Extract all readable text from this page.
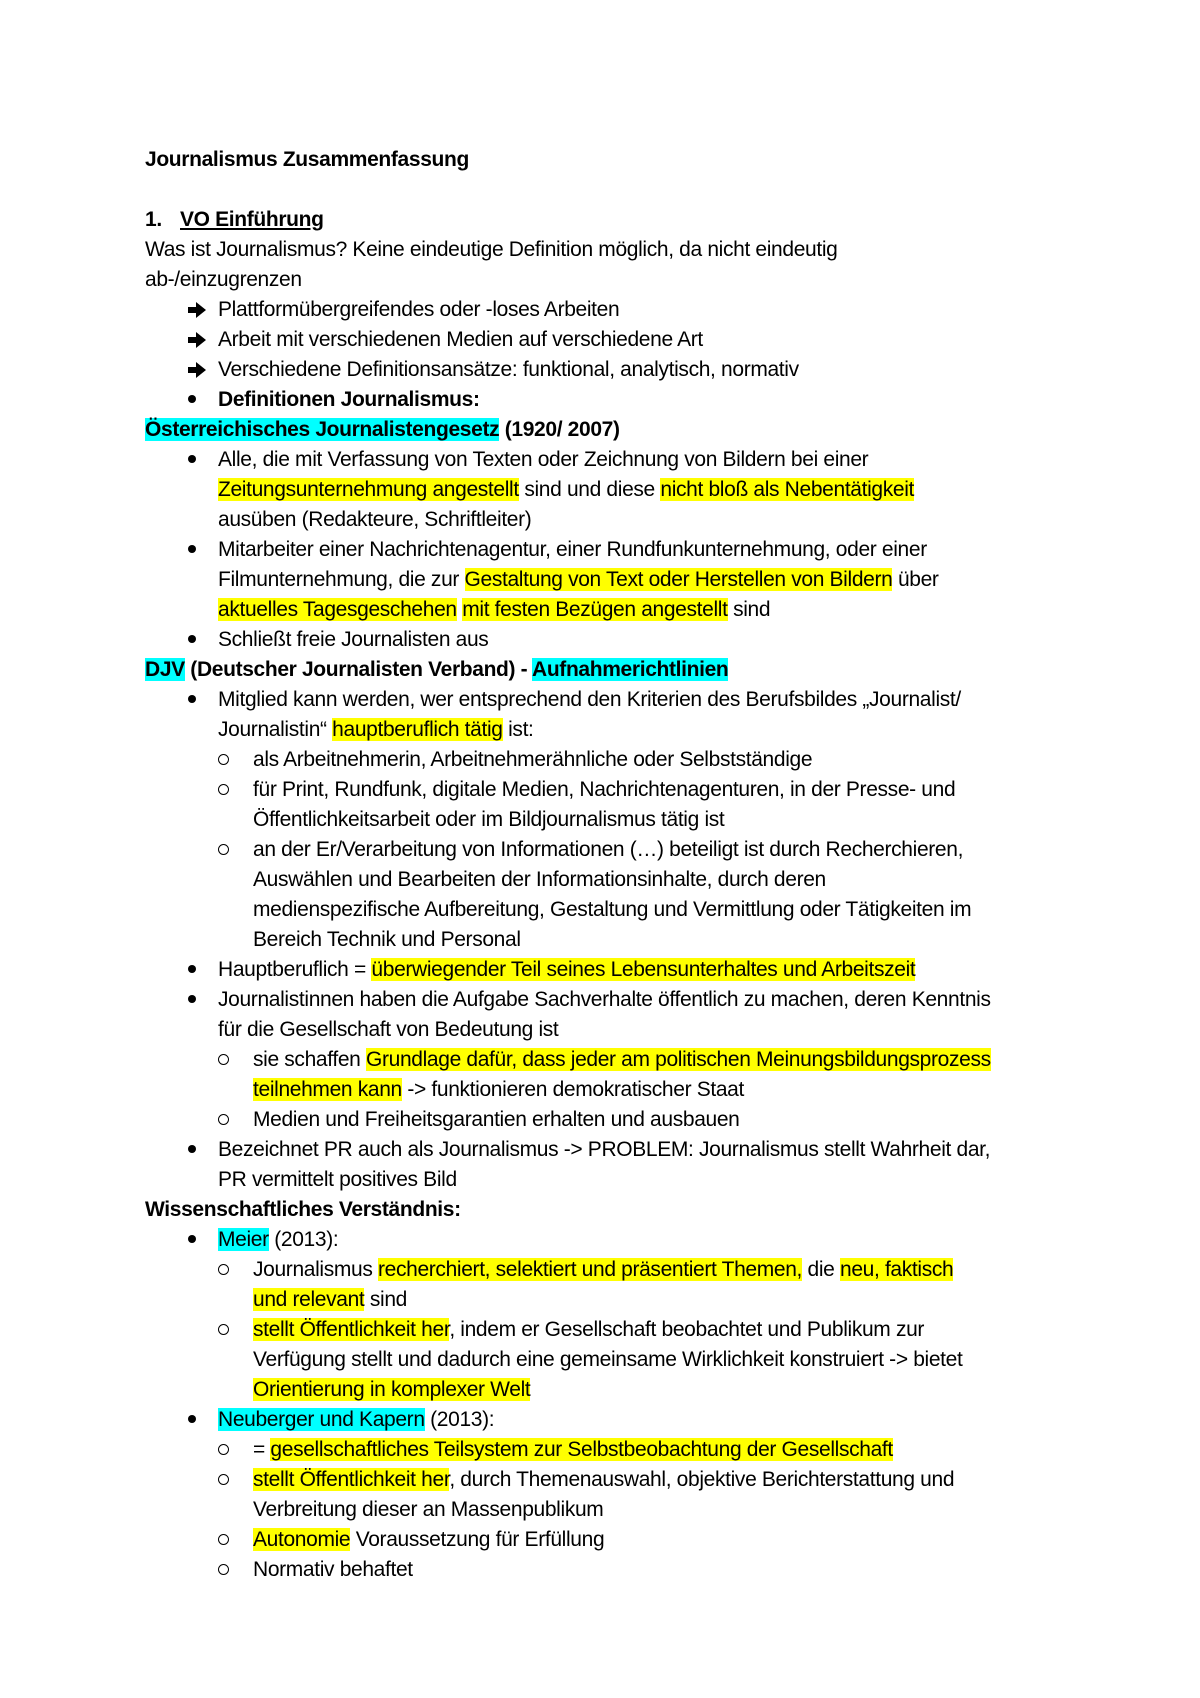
Journalismus Zusammenfassung
1. VO Einführung
Was ist Journalismus? Keine eindeutige Definition möglich, da nicht eindeutig
ab-/einzugrenzen
Plattformübergreifendes oder -loses Arbeiten
Arbeit mit verschiedenen Medien auf verschiedene Art
Verschiedene Definitionsansätze: funktional, analytisch, normativ
Definitionen Journalismus:
Österreichisches Journalistengesetz (1920/ 2007)
Alle, die mit Verfassung von Texten oder Zeichnung von Bildern bei einer
Zeitungsunternehmung angestellt sind und diese nicht bloß als Nebentätigkeit
ausüben (Redakteure, Schriftleiter)
Mitarbeiter einer Nachrichtenagentur, einer Rundfunkunternehmung, oder einer
Filmunternehmung, die zur Gestaltung von Text oder Herstellen von Bildern über
aktuelles Tagesgeschehen mit festen Bezügen angestellt sind
Schließt freie Journalisten aus
DJV (Deutscher Journalisten Verband) - Aufnahmerichtlinien
Mitglied kann werden, wer entsprechend den Kriterien des Berufsbildes „Journalist/
Journalistin“ hauptberuflich tätig ist:
als Arbeitnehmerin, Arbeitnehmerähnliche oder Selbstständige
für Print, Rundfunk, digitale Medien, Nachrichtenagenturen, in der Presse- und
Öffentlichkeitsarbeit oder im Bildjournalismus tätig ist
an der Er/Verarbeitung von Informationen (…) beteiligt ist durch Recherchieren,
Auswählen und Bearbeiten der Informationsinhalte, durch deren
medienspezifische Aufbereitung, Gestaltung und Vermittlung oder Tätigkeiten im
Bereich Technik und Personal
Hauptberuflich = überwiegender Teil seines Lebensunterhaltes und Arbeitszeit
Journalistinnen haben die Aufgabe Sachverhalte öffentlich zu machen, deren Kenntnis
für die Gesellschaft von Bedeutung ist
sie schaffen Grundlage dafür, dass jeder am politischen Meinungsbildungsprozess
teilnehmen kann -> funktionieren demokratischer Staat
Medien und Freiheitsgarantien erhalten und ausbauen
Bezeichnet PR auch als Journalismus -> PROBLEM: Journalismus stellt Wahrheit dar,
PR vermittelt positives Bild
Wissenschaftliches Verständnis:
Meier (2013):
Journalismus recherchiert, selektiert und präsentiert Themen, die neu, faktisch
und relevant sind
stellt Öffentlichkeit her, indem er Gesellschaft beobachtet und Publikum zur
Verfügung stellt und dadurch eine gemeinsame Wirklichkeit konstruiert -> bietet
Orientierung in komplexer Welt
Neuberger und Kapern (2013):
= gesellschaftliches Teilsystem zur Selbstbeobachtung der Gesellschaft
stellt Öffentlichkeit her, durch Themenauswahl, objektive Berichterstattung und
Verbreitung dieser an Massenpublikum
Autonomie Voraussetzung für Erfüllung
Normativ behaftet
